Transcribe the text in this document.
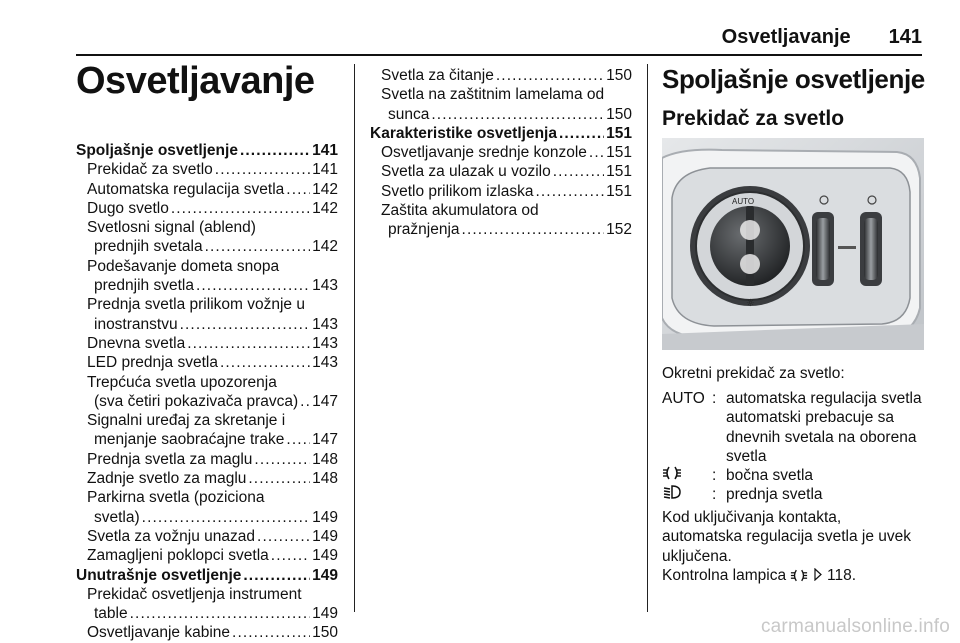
Osvetljavanje 141
Osvetljavanje
Spoljašnje osvetljenje . . .	141
Prekidač za svetlo . . .	141
Automatska regulacija svetla . . . 142
Dugo svetlo . . .	142
Svetlosni signal (ablend)
prednjih svetala . . .	142
Podešavanje dometa snopa
prednjih svetla . . .	143
Prednja svetla prilikom vožnje u
inostranstvu . . .	143
Dnevna svetla . . .	143
LED prednja svetla . . .	143
Trepćuća svetla upozorenja
(sva četiri pokazivača pravca) . . . 147
Signalni uređaj za skretanje i
menjanje saobraćajne trake . . . 147
Prednja svetla za maglu . . .	148
Zadnje svetlo za maglu . . .	148
Parkirna svetla (poziciona
svetla) . . .	149
Svetla za vožnju unazad . . .	149
Zamagljeni poklopci svetla . . .	149
Unutrašnje osvetljenje . . .	149
Prekidač osvetljenja instrument
table . . .	149
Osvetljavanje kabine . . .	150
Svetla za čitanje . . .	150
Svetla na zaštitnim lamelama od
sunca . . .	150
Karakteristike osvetljenja . . .	151
Osvetljavanje srednje konzole . . . 151
Svetla za ulazak u vozilo . . .	151
Svetlo prilikom izlaska . . .	151
Zaštita akumulatora od
pražnjenja . . .	152
Spoljašnje osvetljenje
Prekidač za svetlo
AUTO
☼
Okretni prekidač za svetlo:
AUTO : automatska regulacija svetla automatski prebacuje sa dnevnih svetala na oborena svetla
: bočna svetla
: prednja svetla
Kod uključivanja kontakta, automatska regulacija svetla je uvek uključena.
Kontrolna lampica	118.
carmanualsonline.info
